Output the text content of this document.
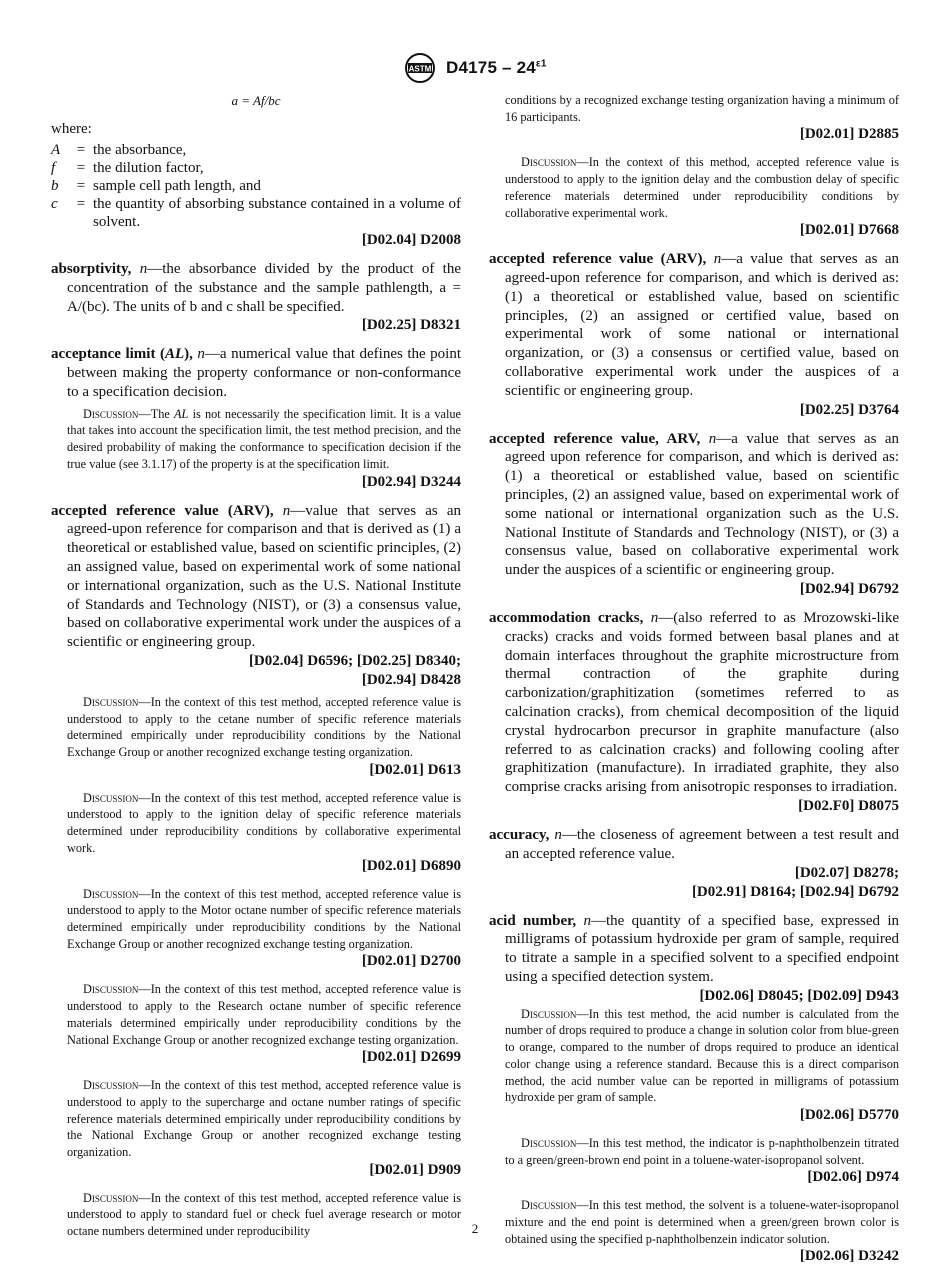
ASTM $D4175 - 24^{\varepsilon 1}$

a = Af/bc

where:

A	= the absorbance,
f	= the dilution factor,
b	= sample cell path length, and
c	= the quantity of absorbing substance contained in a volume of solvent.
[D02.04] D2008
absorptivity, n—the absorbance divided by the product of the concentration of the substance and the sample pathlength, a = A/(bc). The units of b and c shall be specified.
[D02.25] D8321
acceptance limit (AL), n—a numerical value that defines the point between making the property conformance or non-conformance to a specification decision.
Discussion—The AL is not necessarily the specification limit. It is a value that takes into account the specification limit, the test method precision, and the desired probability of making the conformance to specification decision if the true value (see 3.1.17) of the property is at the specification limit.
[D02.94] D3244
accepted reference value (ARV), n—value that serves as an agreed-upon reference for comparison and that is derived as (1) a theoretical or established value, based on scientific principles, (2) an assigned value, based on experimental work of some national or international organization, such as the U.S. National Institute of Standards and Technology (NIST), or (3) a consensus value, based on collaborative experimental work under the auspices of a scientific or engineering group.
[D02.04] D6596; [D02.25] D8340;
[D02.94] D8428
Discussion—In the context of this test method, accepted reference value is understood to apply to the cetane number of specific reference materials determined empirically under reproducibility conditions by the National Exchange Group or another recognized exchange testing organization.
[D02.01] D613
Discussion—In the context of this test method, accepted reference value is understood to apply to the ignition delay of specific reference materials determined under reproducibility conditions by collaborative experimental work.
[D02.01] D6890
Discussion—In the context of this test method, accepted reference value is understood to apply to the Motor octane number of specific reference materials determined empirically under reproducibility conditions by the National Exchange Group or another recognized exchange testing organization.
[D02.01] D2700
Discussion—In the context of this test method, accepted reference value is understood to apply to the Research octane number of specific reference materials determined empirically under reproducibility conditions by the National Exchange Group or another recognized exchange testing organization.
[D02.01] D2699
Discussion—In the context of this test method, accepted reference value is understood to apply to the supercharge and octane number ratings of specific reference materials determined empirically under reproducibility conditions by the National Exchange Group or another recognized exchange testing organization.
[D02.01] D909
Discussion—In the context of this test method, accepted reference value is understood to apply to standard fuel or check fuel average research or motor octane numbers determined under reproducibility
conditions by a recognized exchange testing organization having a minimum of 16 participants.
[D02.01] D2885
Discussion—In the context of this method, accepted reference value is understood to apply to the ignition delay and the combustion delay of specific reference materials determined under reproducibility conditions by collaborative experimental work.
[D02.01] D7668
accepted reference value (ARV), n—a value that serves as an agreed-upon reference for comparison, and which is derived as: (1) a theoretical or established value, based on scientific principles, (2) an assigned or certified value, based on experimental work of some national or international organization, or (3) a consensus or certified value, based on collaborative experimental work under the auspices of a scientific or engineering group.
[D02.25] D3764
accepted reference value, ARV, n—a value that serves as an agreed upon reference for comparison, and which is derived as: (1) a theoretical or established value, based on scientific principles, (2) an assigned value, based on experimental work of some national or international organization such as the U.S. National Institute of Standards and Technology (NIST), or (3) a consensus value, based on collaborative experimental work under the auspices of a scientific or engineering group.
[D02.94] D6792
accommodation cracks, n—(also referred to as Mrozowski-like cracks) cracks and voids formed between basal planes and at domain interfaces throughout the graphite microstructure from thermal contraction of the graphite during carbonization/graphitization (sometimes referred to as calcination cracks), from chemical decomposition of the liquid crystal hydrocarbon precursor in graphite manufacture (also referred to as calcination cracks) and following cooling after graphitization (manufacture). In irradiated graphite, they also comprise cracks arising from anisotropic responses to irradiation.
[D02.F0] D8075
accuracy, n—the closeness of agreement between a test result and an accepted reference value.
[D02.07] D8278;
[D02.91] D8164; [D02.94] D6792
acid number, n—the quantity of a specified base, expressed in milligrams of potassium hydroxide per gram of sample, required to titrate a sample in a specified solvent to a specified endpoint using a specified detection system.
[D02.06] D8045; [D02.09] D943
Discussion—In this test method, the acid number is calculated from the number of drops required to produce a change in solution color from blue-green to orange, compared to the number of drops required to produce an identical color change using a reference standard. Because this is a direct comparison method, the acid number value can be reported in milligrams of potassium hydroxide per gram of sample.
[D02.06] D5770
Discussion—In this test method, the indicator is p-naphtholbenzein titrated to a green/green-brown end point in a toluene-water-isopropanol solvent.
[D02.06] D974
Discussion—In this test method, the solvent is a toluene-water-isopropanol mixture and the end point is determined when a green/green brown color is obtained using the specified p-naphtholbenzein indicator solution.
[D02.06] D3242
2
